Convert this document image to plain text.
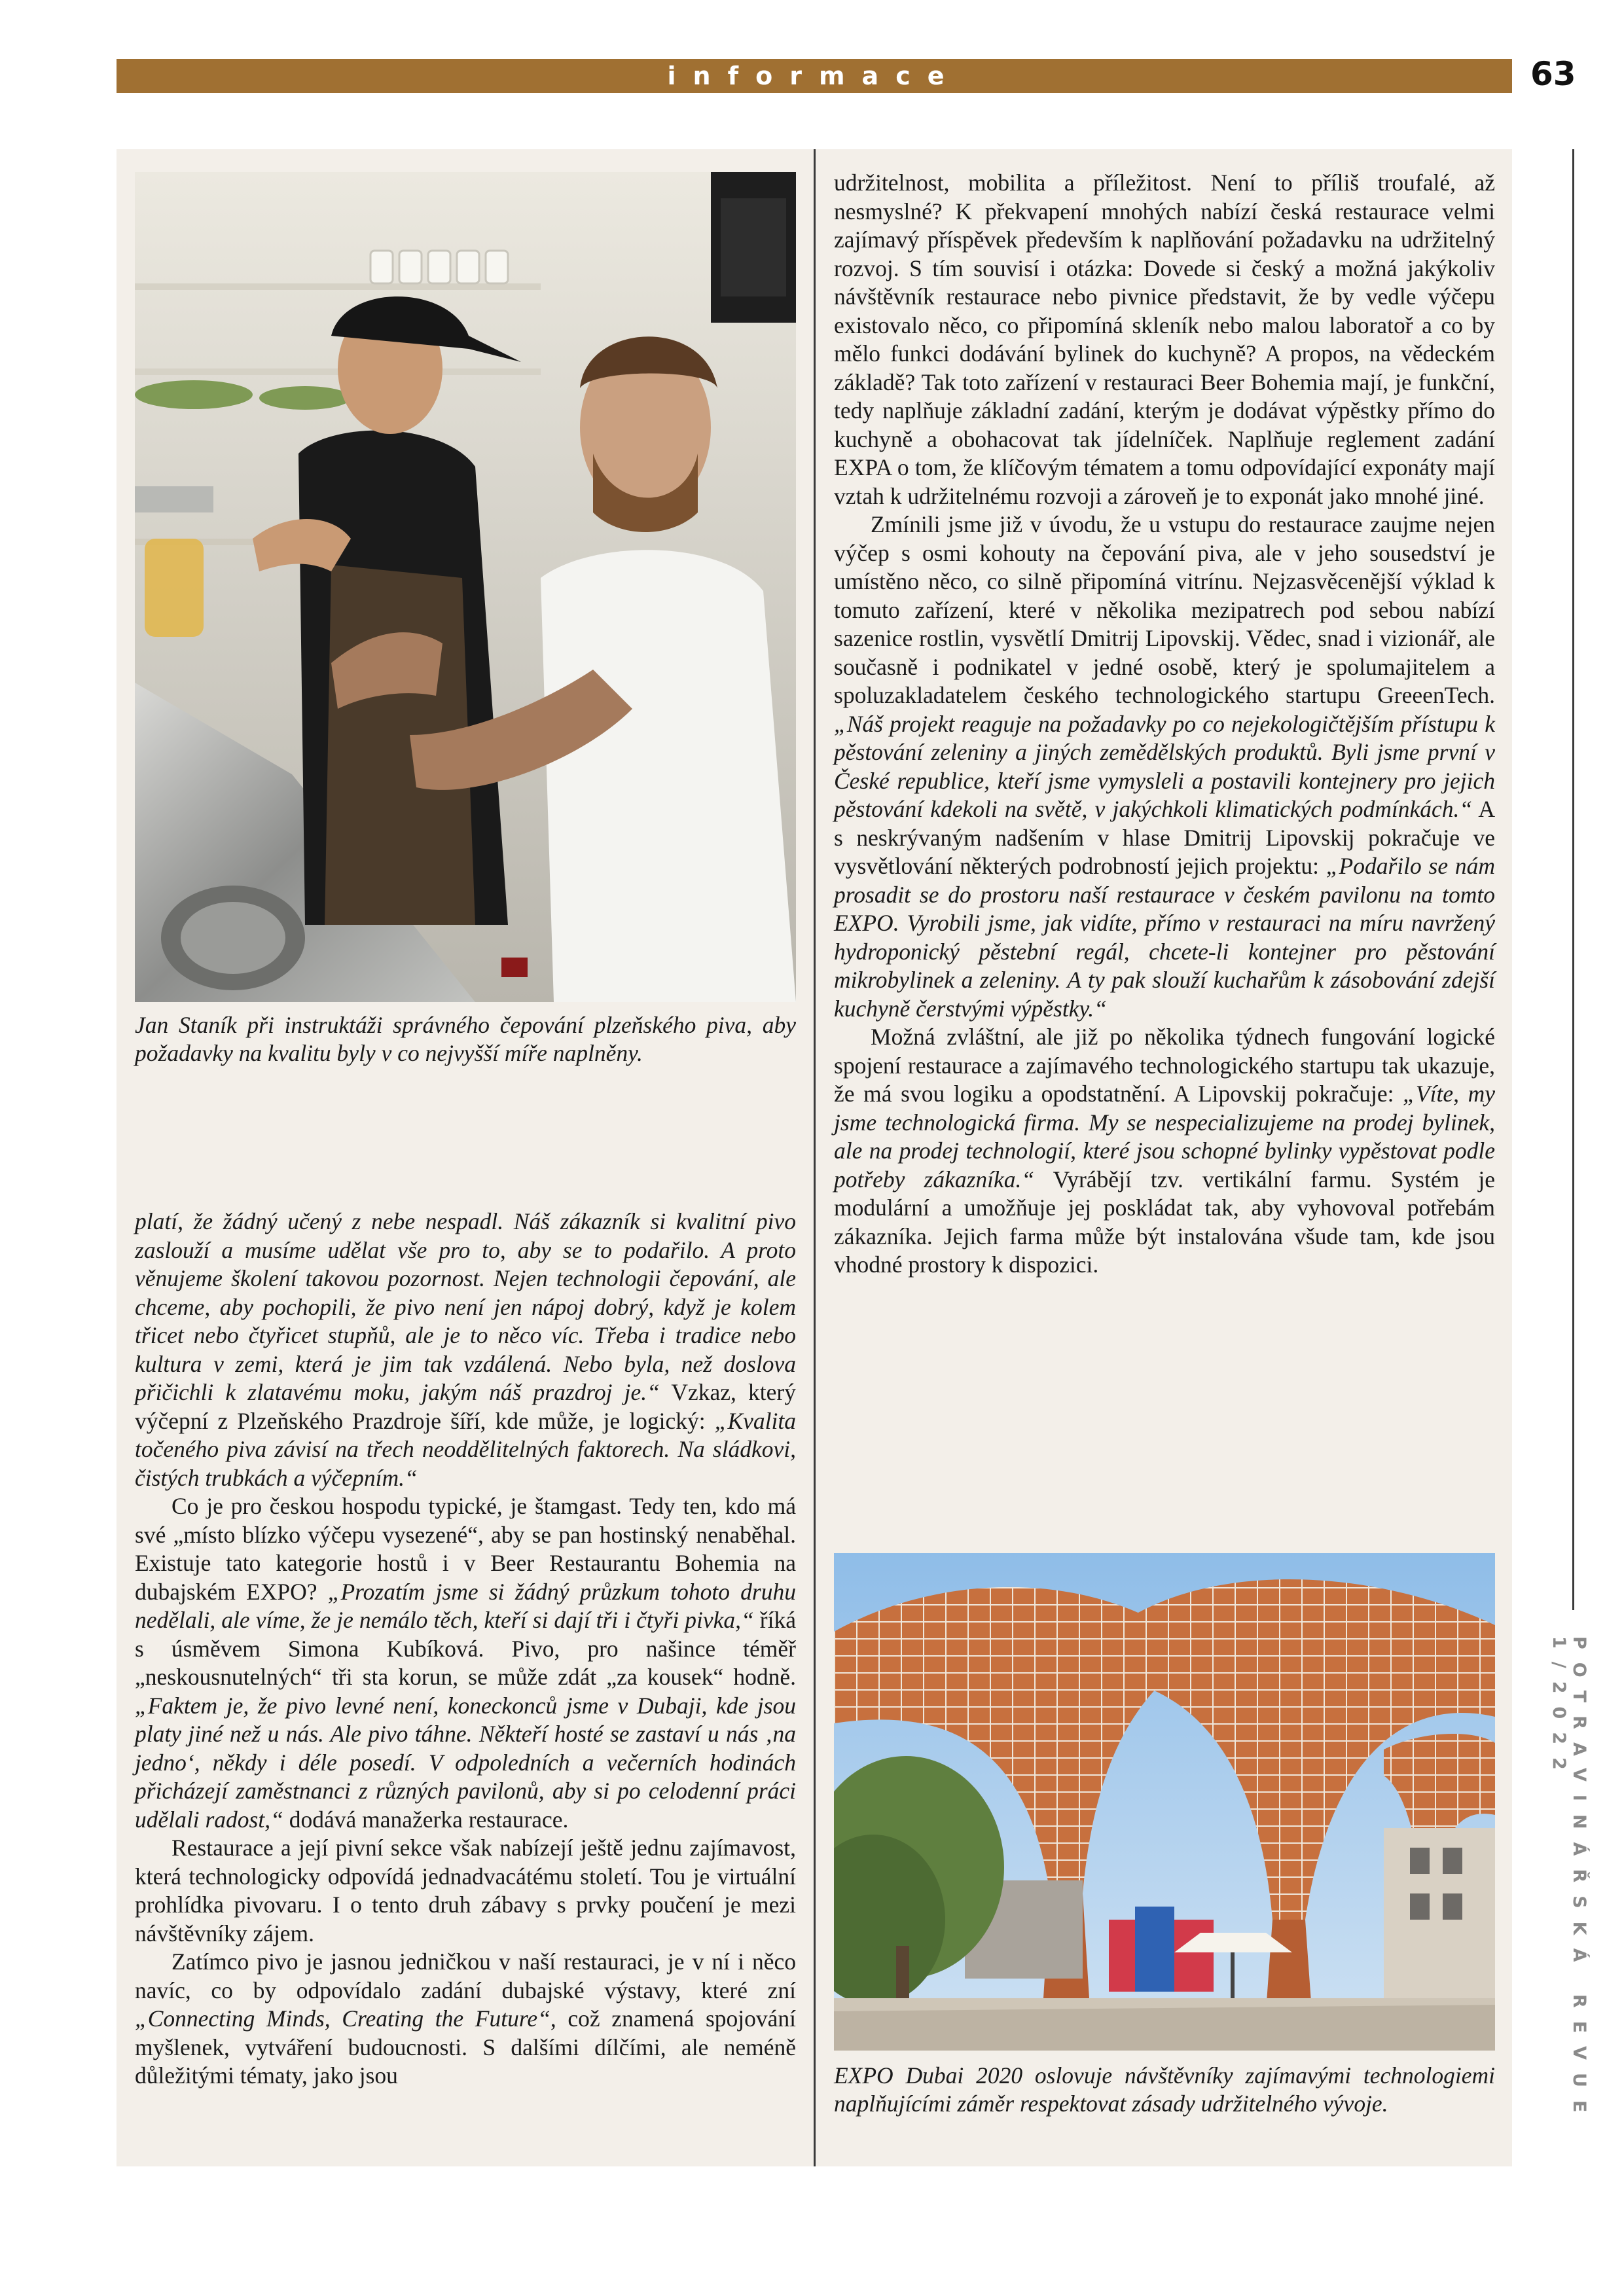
informace	63
POTRAVINÁŘSKÁ REVUE 1/2022

Jan Staník při instruktáži správného čepování plzeňského piva, aby požadavky na kvalitu byly v co nejvyšší míře naplněny.

platí, že žádný učený z nebe nespadl. Náš zákazník si kvalitní pivo zaslouží a musíme udělat vše pro to, aby se to podařilo. A proto věnujeme školení takovou pozornost. Nejen technologii čepování, ale chceme, aby pochopili, že pivo není jen nápoj dobrý, když je kolem třicet nebo čtyřicet stupňů, ale je to něco víc. Třeba i tradice nebo kultura v zemi, která je jim tak vzdálená. Nebo byla, než doslova přičichli k zlatavému moku, jakým náš prazdroj je.“ Vzkaz, který výčepní z Plzeňského Prazdroje šíří, kde může, je logický: „Kvalita točeného piva závisí na třech neoddělitelných faktorech. Na sládkovi, čistých trubkách a výčepním.“

Co je pro českou hospodu typické, je štamgast. Tedy ten, kdo má své „místo blízko výčepu vysezené“, aby se pan hostinský nenaběhal. Existuje tato kategorie hostů i v Beer Restaurantu Bohemia na dubajském EXPO? „Prozatím jsme si žádný průzkum tohoto druhu nedělali, ale víme, že je nemálo těch, kteří si dají tři i čtyři pivka,“ říká s úsměvem Simona Kubíková. Pivo, pro našince téměř „neskousnutelných“ tři sta korun, se může zdát „za kousek“ hodně. „Faktem je, že pivo levné není, koneckonců jsme v Dubaji, kde jsou platy jiné než u nás. Ale pivo táhne. Někteří hosté se zastaví u nás ‚na jedno‘, někdy i déle posedí. V odpoledních a večerních hodinách přicházejí zaměstnanci z různých pavilonů, aby si po celodenní práci udělali radost,“ dodává manažerka restaurace.

Restaurace a její pivní sekce však nabízejí ještě jednu zajímavost, která technologicky odpovídá jednadvacátému století. Tou je virtuální prohlídka pivovaru. I o tento druh zábavy s prvky poučení je mezi návštěvníky zájem.

Zatímco pivo je jasnou jedničkou v naší restauraci, je v ní i něco navíc, co by odpovídalo zadání dubajské výstavy, které zní „Connecting Minds, Creating the Future“, což znamená spojování myšlenek, vytváření budoucnosti. S dalšími dílčími, ale neméně důležitými tématy, jako jsou

udržitelnost, mobilita a příležitost. Není to příliš troufalé, až nesmyslné? K překvapení mnohých nabízí česká restaurace velmi zajímavý příspěvek především k naplňování požadavku na udržitelný rozvoj. S tím souvisí i otázka: Dovede si český a možná jakýkoliv návštěvník restaurace nebo pivnice představit, že by vedle výčepu existovalo něco, co připomíná skleník nebo malou laboratoř a co by mělo funkci dodávání bylinek do kuchyně? A propos, na vědeckém základě? Tak toto zařízení v restauraci Beer Bohemia mají, je funkční, tedy naplňuje základní zadání, kterým je dodávat výpěstky přímo do kuchyně a obohacovat tak jídelníček. Naplňuje reglement zadání EXPA o tom, že klíčovým tématem a tomu odpovídající exponáty mají vztah k udržitelnému rozvoji a zároveň je to exponát jako mnohé jiné.

Zmínili jsme již v úvodu, že u vstupu do restaurace zaujme nejen výčep s osmi kohouty na čepování piva, ale v jeho sousedství je umístěno něco, co silně připomíná vitrínu. Nejzasvěcenější výklad k tomuto zařízení, které v několika mezipatrech pod sebou nabízí sazenice rostlin, vysvětlí Dmitrij Lipovskij. Vědec, snad i vizionář, ale současně i podnikatel v jedné osobě, který je spolumajitelem a spoluzakladatelem českého technologického startupu GreeenTech. „Náš projekt reaguje na požadavky po co nejekologičtějším přístupu k pěstování zeleniny a jiných zemědělských produktů. Byli jsme první v České republice, kteří jsme vymysleli a postavili kontejnery pro jejich pěstování kdekoli na světě, v jakýchkoli klimatických podmínkách.“ A s neskrývaným nadšením v hlase Dmitrij Lipovskij pokračuje ve vysvětlování některých podrobností jejich projektu: „Podařilo se nám prosadit se do prostoru naší restaurace v českém pavilonu na tomto EXPO. Vyrobili jsme, jak vidíte, přímo v restauraci na míru navržený hydroponický pěstební regál, chcete-li kontejner pro pěstování mikrobylinek a zeleniny. A ty pak slouží kuchařům k zásobování zdejší kuchyně čerstvými výpěstky.“

Možná zvláštní, ale již po několika týdnech fungování logické spojení restaurace a zajímavého technologického startupu tak ukazuje, že má svou logiku a opodstatnění. A Lipovskij pokračuje: „Víte, my jsme technologická firma. My se nespecializujeme na prodej bylinek, ale na prodej technologií, které jsou schopné bylinky vypěstovat podle potřeby zákazníka.“ Vyrábějí tzv. vertikální farmu. Systém je modulární a umožňuje jej poskládat tak, aby vyhovoval potřebám zákazníka. Jejich farma může být instalována všude tam, kde jsou vhodné prostory k dispozici.

EXPO Dubai 2020 oslovuje návštěvníky zajímavými technologiemi naplňujícími záměr respektovat zásady udržitelného vývoje.
